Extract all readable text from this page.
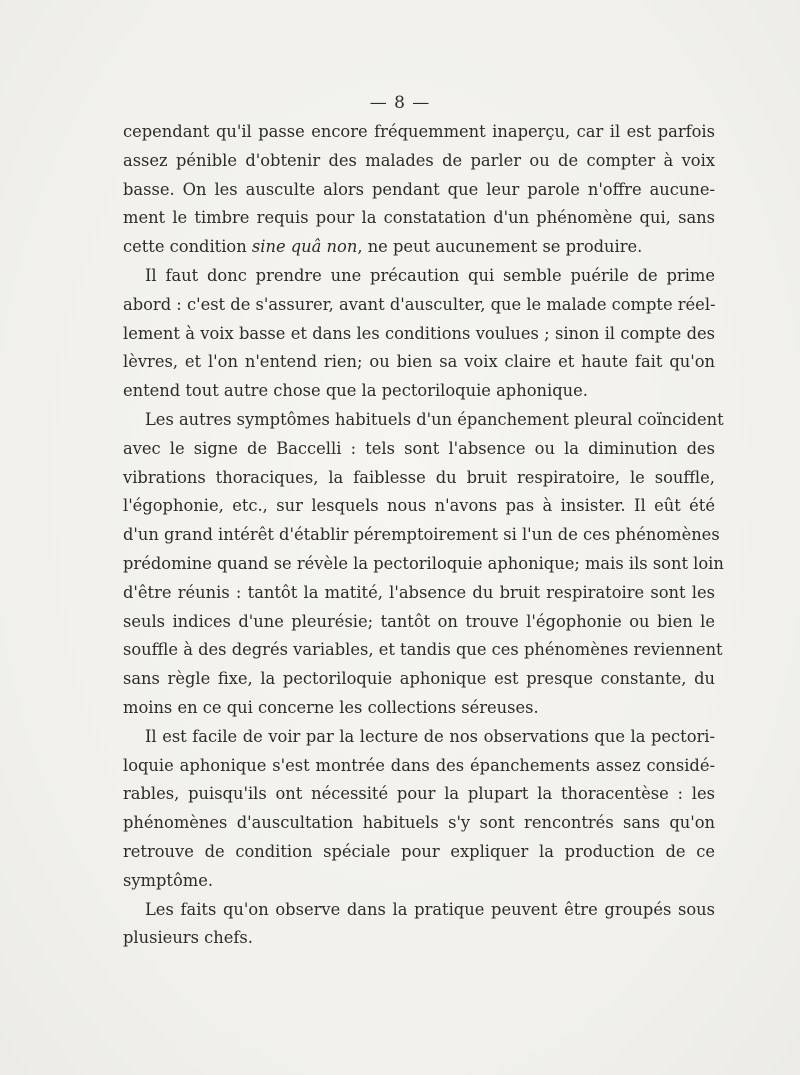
— 8 —

cependant qu'il passe encore fréquemment inaperçu, car il est parfois
assez pénible d'obtenir des malades de parler ou de compter à voix
basse. On les ausculte alors pendant que leur parole n'offre aucune-
ment le timbre requis pour la constatation d'un phénomène qui, sans
cette condition sine quâ non, ne peut aucunement se produire.

Il faut donc prendre une précaution qui semble puérile de prime
abord : c'est de s'assurer, avant d'ausculter, que le malade compte réel-
lement à voix basse et dans les conditions voulues ; sinon il compte des
lèvres, et l'on n'entend rien; ou bien sa voix claire et haute fait qu'on
entend tout autre chose que la pectoriloquie aphonique.

Les autres symptômes habituels d'un épanchement pleural coïncident
avec le signe de Baccelli : tels sont l'absence ou la diminution des
vibrations thoraciques, la faiblesse du bruit respiratoire, le souffle,
l'égophonie, etc., sur lesquels nous n'avons pas à insister. Il eût été
d'un grand intérêt d'établir péremptoirement si l'un de ces phénomènes
prédomine quand se révèle la pectoriloquie aphonique; mais ils sont loin
d'être réunis : tantôt la matité, l'absence du bruit respiratoire sont les
seuls indices d'une pleurésie; tantôt on trouve l'égophonie ou bien le
souffle à des degrés variables, et tandis que ces phénomènes reviennent
sans règle fixe, la pectoriloquie aphonique est presque constante, du
moins en ce qui concerne les collections séreuses.

Il est facile de voir par la lecture de nos observations que la pectori-
loquie aphonique s'est montrée dans des épanchements assez considé-
rables, puisqu'ils ont nécessité pour la plupart la thoracentèse : les
phénomènes d'auscultation habituels s'y sont rencontrés sans qu'on
retrouve de condition spéciale pour expliquer la production de ce
symptôme.

Les faits qu'on observe dans la pratique peuvent être groupés sous
plusieurs chefs.
